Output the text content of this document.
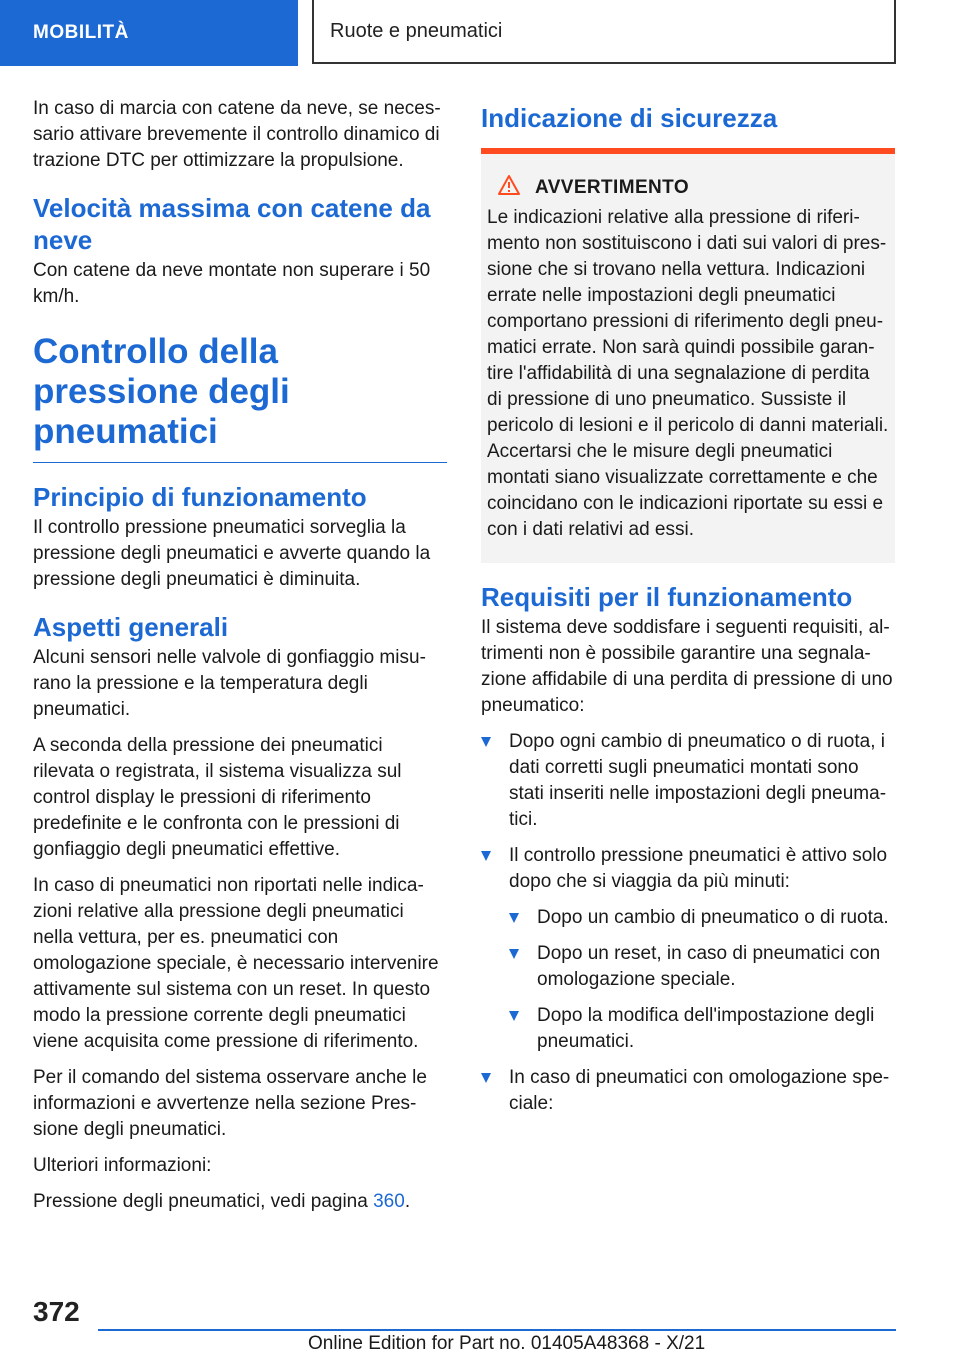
MOBILITÀ	Ruote e pneumatici

In caso di marcia con catene da neve, se necessario attivare brevemente il controllo dinamico di trazione DTC per ottimizzare la propulsione.

Velocità massima con catene da neve

Con catene da neve montate non superare i 50 km/h.

Controllo della pressione degli pneumatici
Principio di funzionamento

Il controllo pressione pneumatici sorveglia la pressione degli pneumatici e avverte quando la pressione degli pneumatici è diminuita.

Aspetti generali

Alcuni sensori nelle valvole di gonfiaggio misurano la pressione e la temperatura degli pneumatici.

A seconda della pressione dei pneumatici rilevata o registrata, il sistema visualizza sul control display le pressioni di riferimento predefinite e le confronta con le pressioni di gonfiaggio degli pneumatici effettive.

In caso di pneumatici non riportati nelle indicazioni relative alla pressione degli pneumatici nella vettura, per es. pneumatici con omologazione speciale, è necessario intervenire attivamente sul sistema con un reset. In questo modo la pressione corrente degli pneumatici viene acquisita come pressione di riferimento.

Per il comando del sistema osservare anche le informazioni e avvertenze nella sezione Pressione degli pneumatici.

Ulteriori informazioni:

Pressione degli pneumatici, vedi pagina 360.

Indicazione di sicurezza
AVVERTIMENTO

Le indicazioni relative alla pressione di riferimento non sostituiscono i dati sui valori di pressione che si trovano nella vettura. Indicazioni errate nelle impostazioni degli pneumatici comportano pressioni di riferimento degli pneumatici errate. Non sarà quindi possibile garantire l'affidabilità di una segnalazione di perdita di pressione di uno pneumatico. Sussiste il pericolo di lesioni e il pericolo di danni materiali. Accertarsi che le misure degli pneumatici montati siano visualizzate correttamente e che coincidano con le indicazioni riportate su essi e con i dati relativi ad essi.

Requisiti per il funzionamento

Il sistema deve soddisfare i seguenti requisiti, altrimenti non è possibile garantire una segnalazione affidabile di una perdita di pressione di uno pneumatico:

Dopo ogni cambio di pneumatico o di ruota, i dati corretti sugli pneumatici montati sono stati inseriti nelle impostazioni degli pneumatici.
Il controllo pressione pneumatici è attivo solo dopo che si viaggia da più minuti:
Dopo un cambio di pneumatico o di ruota.
Dopo un reset, in caso di pneumatici con omologazione speciale.
Dopo la modifica dell'impostazione degli pneumatici.
In caso di pneumatici con omologazione speciale:
372
Online Edition for Part no. 01405A48368 - X/21
